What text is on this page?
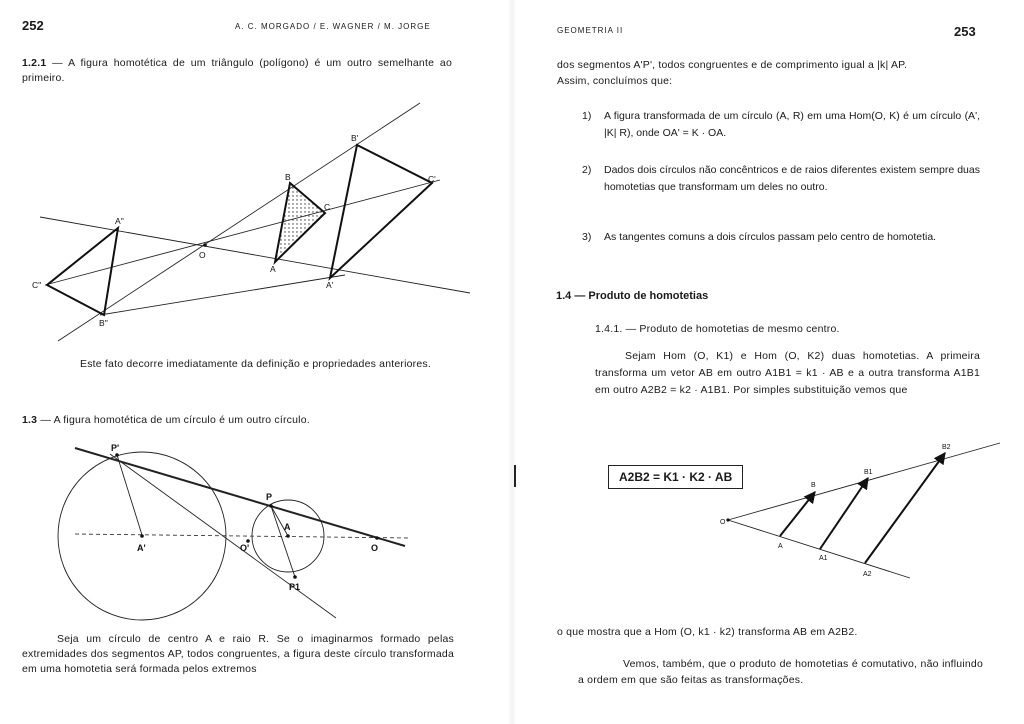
252	A. C. MORGADO / E. WAGNER / M. JORGE
1.2.1 — A figura homotética de um triângulo (polígono) é um outro semelhante ao primeiro.
B'
C'
A''
B
C
O
A
A'
C''
B''
Este fato decorre imediatamente da definição e propriedades anteriores.
1.3 — A figura homotética de um círculo é um outro círculo.
P'
P
A
A'	O'	O
P1
Seja um círculo de centro A e raio R. Se o imaginarmos formado pelas extremidades dos segmentos AP, todos congruentes, a figura deste círculo transformada em uma homotetia será formada pelos extremos
GEOMETRIA II	253
dos segmentos A'P', todos congruentes e de comprimento igual a |k| AP.
Assim, concluímos que:
1) A figura transformada de um círculo (A, R) em uma Hom(O, K) é um círculo (A', |K| R), onde OA' = K · OA.
2) Dados dois círculos não concêntricos e de raios diferentes existem sempre duas homotetias que transformam um deles no outro.
3) As tangentes comuns a dois círculos passam pelo centro de homotetia.
1.4 — Produto de homotetias
1.4.1. — Produto de homotetias de mesmo centro.
Sejam Hom (O, K1) e Hom (O, K2) duas homotetias. A primeira transforma um vetor AB em outro A1B1 = k1 · AB e a outra transforma A1B1 em outro A2B2 = k2 · A1B1. Por simples substituição vemos que
A2B2 = K1 · K2 · AB
O
A
A1
A2
B
B1
B2
o que mostra que a Hom (O, k1 · k2) transforma AB em A2B2.
Vemos, também, que o produto de homotetias é comutativo, não influindo a ordem em que são feitas as transformações.
